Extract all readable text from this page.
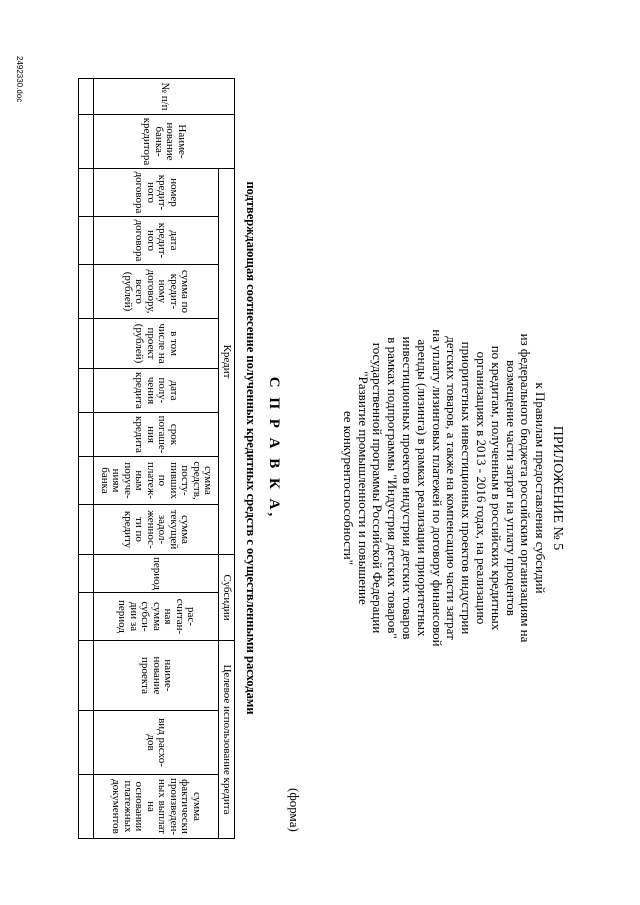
ПРИЛОЖЕНИЕ № 5
к Правилам предоставления субсидий
из федерального бюджета российским организациям на
возмещение части затрат на уплату процентов
по кредитам, полученным в российских кредитных
организациях в 2013 - 2016 годах, на реализацию
приоритетных инвестиционных проектов индустрии
детских товаров, а также на компенсацию части затрат
на уплату лизинговых платежей по договору финансовой
аренды (лизинга) в рамках реализации приоритетных
инвестиционных проектов индустрии детских товаров
в рамках подпрограммы "Индустрия детских товаров"
государственной программы Российской Федерации
"Развитие промышленности и повышение
ее конкурентоспособности"
(форма)
С П Р А В К А,
подтверждающая соотнесение полученных кредитных средств с осуществленными расходами
№ п/п	Наиме-нование банка-кредитора	Кредит								Субсидии		Целевое использование кредита		
		номер кредит-ного договора	дата кредит-ного договора	сумма по кредит-ному договору, всего (рублей)	в том числе на проект (рублей)	дата полу-чения кредита	срок погаше-ния кредита	сумма средств, посту-пивших по платеж-ным поруче-ниям банка	сумма текущей задол-женнос-ти по кредиту	период	рас-считан-ная сумма субси-дии за период	наиме-нование проекта	вид расхо-дов	сумма фактически произведен-ных выплат на основании платежных документов

2492330.doc
